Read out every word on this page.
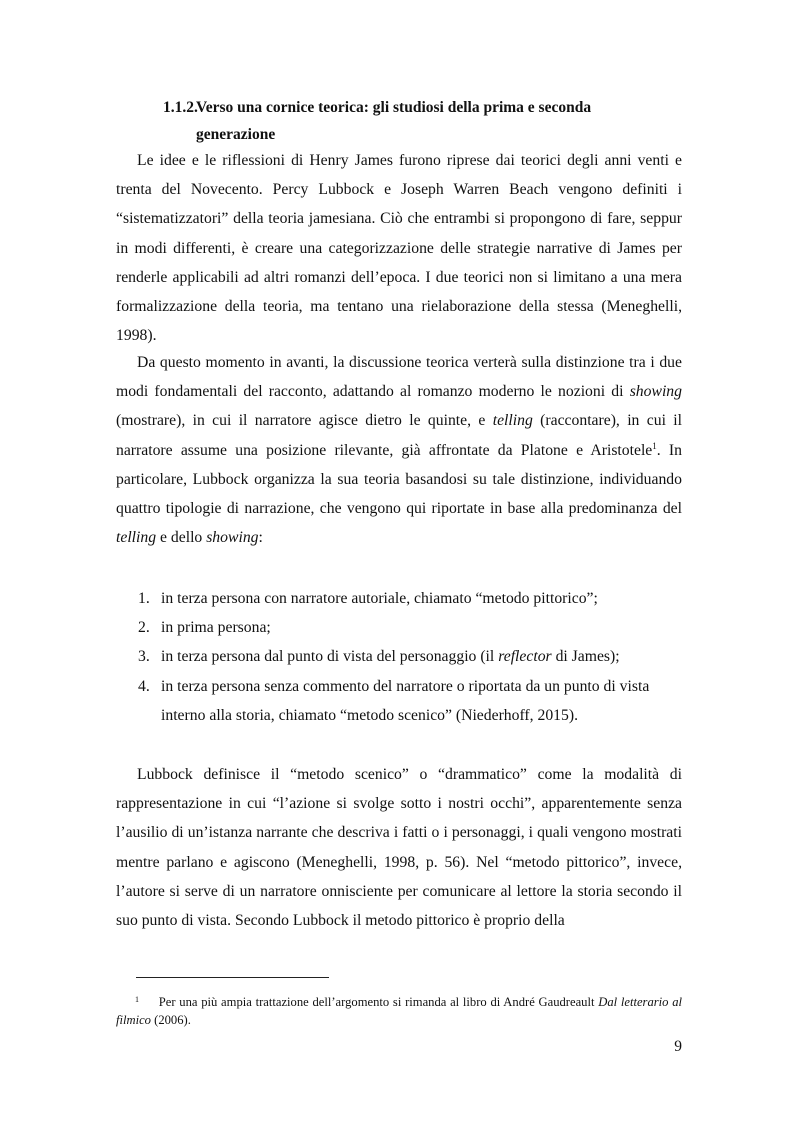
1.1.2.Verso una cornice teorica: gli studiosi della prima e seconda
generazione

Le idee e le riflessioni di Henry James furono riprese dai teorici degli anni venti e trenta del Novecento. Percy Lubbock e Joseph Warren Beach vengono definiti i “sistematizzatori” della teoria jamesiana. Ciò che entrambi si propongono di fare, seppur in modi differenti, è creare una categorizzazione delle strategie narrative di James per renderle applicabili ad altri romanzi dell’epoca. I due teorici non si limitano a una mera formalizzazione della teoria, ma tentano una rielaborazione della stessa (Meneghelli, 1998).

Da questo momento in avanti, la discussione teorica verterà sulla distinzione tra i due modi fondamentali del racconto, adattando al romanzo moderno le nozioni di showing (mostrare), in cui il narratore agisce dietro le quinte, e telling (raccontare), in cui il narratore assume una posizione rilevante, già affrontate da Platone e Aristotele$^1$. In particolare, Lubbock organizza la sua teoria basandosi su tale distinzione, individuando quattro tipologie di narrazione, che vengono qui riportate in base alla predominanza del telling e dello showing:

1. in terza persona con narratore autoriale, chiamato “metodo pittorico”;
2. in prima persona;
3. in terza persona dal punto di vista del personaggio (il reflector di James);
4. in terza persona senza commento del narratore o riportata da un punto di vista interno alla storia, chiamato “metodo scenico” (Niederhoff, 2015).

Lubbock definisce il “metodo scenico” o “drammatico” come la modalità di rappresentazione in cui “l’azione si svolge sotto i nostri occhi”, apparentemente senza l’ausilio di un’istanza narrante che descriva i fatti o i personaggi, i quali vengono mostrati mentre parlano e agiscono (Meneghelli, 1998, p. 56). Nel “metodo pittorico”, invece, l’autore si serve di un narratore onnisciente per comunicare al lettore la storia secondo il suo punto di vista. Secondo Lubbock il metodo pittorico è proprio della

1 Per una più ampia trattazione dell’argomento si rimanda al libro di André Gaudreault Dal letterario al filmico (2006).
9
